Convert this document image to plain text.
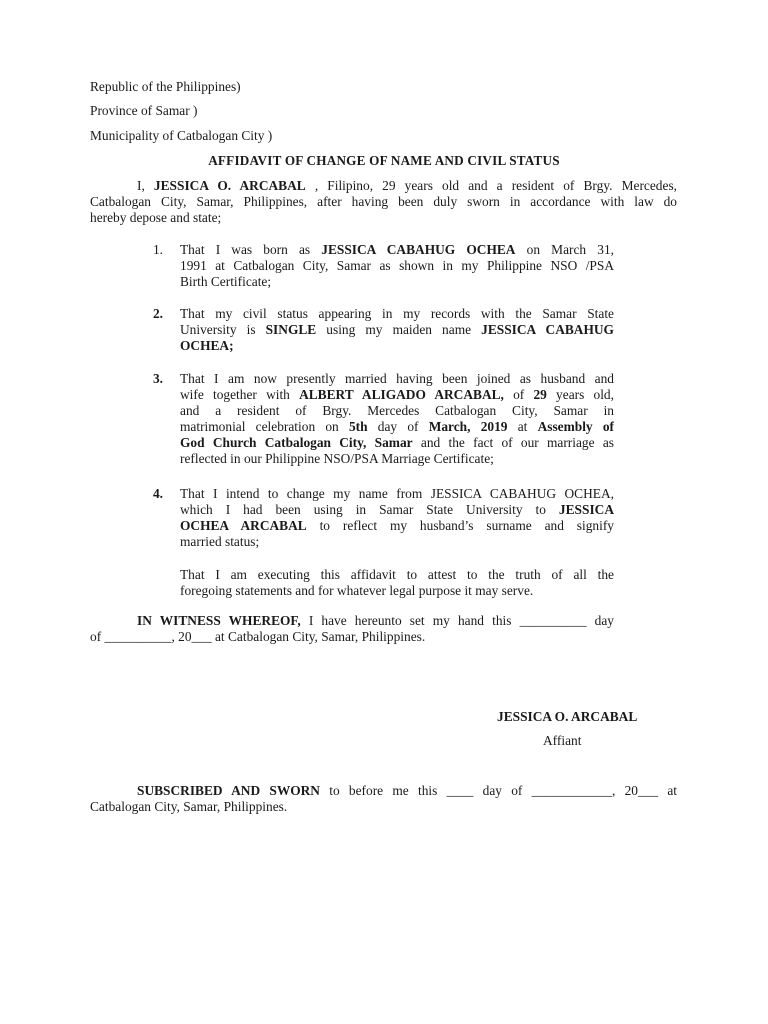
Republic of the Philippines)
Province of Samar )
Municipality of Catbalogan City )
AFFIDAVIT OF CHANGE OF NAME AND CIVIL STATUS
I, JESSICA O. ARCABAL , Filipino, 29 years old and a resident of Brgy. Mercedes,
Catbalogan City, Samar, Philippines, after having been duly sworn in accordance with law do
hereby depose and state;
1. That I was born as JESSICA CABAHUG OCHEA on March 31,
1991 at Catbalogan City, Samar as shown in my Philippine NSO /PSA
Birth Certificate;
2. That my civil status appearing in my records with the Samar State
University is SINGLE using my maiden name JESSICA CABAHUG
OCHEA;
3. That I am now presently married having been joined as husband and
wife together with ALBERT ALIGADO ARCABAL, of 29 years old,
and a resident of Brgy. Mercedes Catbalogan City, Samar in
matrimonial celebration on 5th day of March, 2019 at Assembly of
God Church Catbalogan City, Samar and the fact of our marriage as
reflected in our Philippine NSO/PSA Marriage Certificate;
4. That I intend to change my name from JESSICA CABAHUG OCHEA,
which I had been using in Samar State University to JESSICA
OCHEA ARCABAL to reflect my husband’s surname and signify
married status;
That I am executing this affidavit to attest to the truth of all the
foregoing statements and for whatever legal purpose it may serve.
IN WITNESS WHEREOF, I have hereunto set my hand this __________ day
of __________, 20___ at Catbalogan City, Samar, Philippines.
JESSICA O. ARCABAL
Affiant
SUBSCRIBED AND SWORN to before me this ____ day of ____________, 20___ at
Catbalogan City, Samar, Philippines.
